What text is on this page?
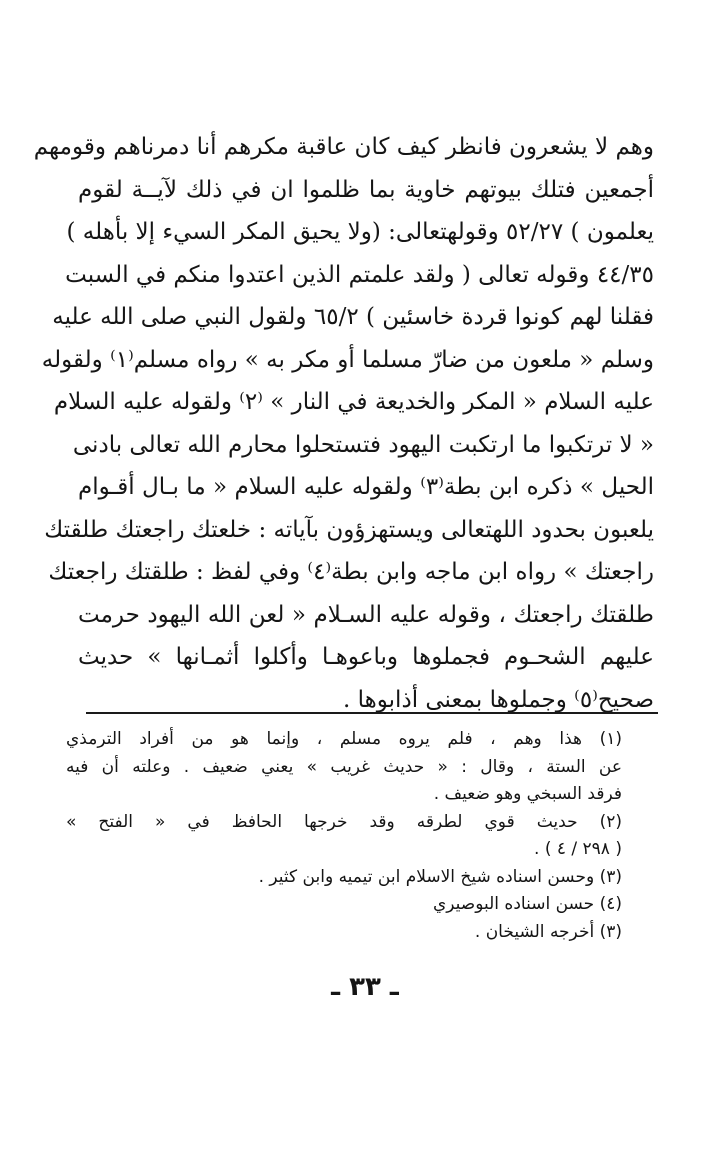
وهم لا يشعرون فانظر كيف كان عاقبة مكرهم أنا دمرناهم وقومهم
أجمعين فتلك بيوتهم خاوية بما ظلموا ان في ذلك لآيــة لقوم
يعلمون ) ٥٢/٢٧ وقولهتعالى: (ولا يحيق المكر السيء إلا بأهله )
٤٤/٣٥ وقوله تعالى ( ولقد علمتم الذين اعتدوا منكم في السبت
فقلنا لهم كونوا قردة خاسئين ) ٦٥/٢ ولقول النبي صلى الله عليه
وسلم « ملعون من ضارّ مسلما أو مكر به » رواه مسلم⁽١⁾ ولقوله
عليه السلام « المكر والخديعة في النار » ⁽٢⁾ ولقوله عليه السلام
« لا ترتكبوا ما ارتكبت اليهود فتستحلوا محارم الله تعالى بادنى
الحيل » ذكره ابن بطة⁽٣⁾ ولقوله عليه السلام « ما بـال أقـوام
يلعبون بحدود اللهتعالى ويستهزؤون بآياته : خلعتك راجعتك طلقتك
راجعتك » رواه ابن ماجه وابن بطة⁽٤⁾ وفي لفظ : طلقتك راجعتك
طلقتك راجعتك ، وقوله عليه السـلام « لعن الله اليهود حرمت
عليهم الشحـوم فجملوها وباعوهـا وأكلوا أثمـانها » حديث
صحيح⁽٥⁾ وجملوها بمعنى أذابوها .
(١) هذا وهم ، فلم يروه مسلم ، وإنما هو من أفراد الترمذي
عن الستة ، وقال : « حديث غريب » يعني ضعيف . وعلته أن فيه
فرقد السبخي وهو ضعيف .
(٢) حديث قوي لطرقه وقد خرجها الحافظ في « الفتح »
( ٢٩٨ / ٤ ) .
(٣) وحسن اسناده شيخ الاسلام ابن تيميه وابن كثير .
(٤) حسن اسناده البوصيري
(٣) أخرجه الشيخان .
ـ ٣٣ ـ
